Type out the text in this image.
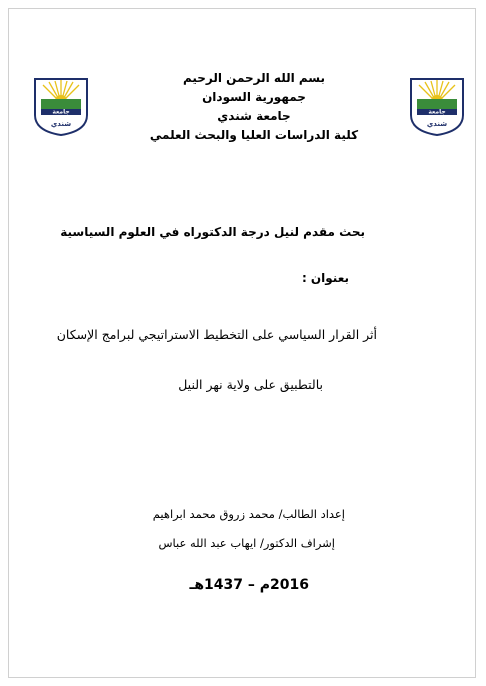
جامعة
شندي
جامعة
شندي
بسم الله الرحمن الرحيم
جمهورية السودان
جامعة شندي
كلية الدراسات العليا والبحث العلمي
بحث مقدم لنيل درجة الدكتوراه في العلوم السياسية
بعنوان :
أثر القرار السياسي على التخطيط الاستراتيجي لبرامج الإسكان
بالتطبيق على ولاية نهر النيل
إعداد الطالب/ محمد زروق محمد ابراهيم
إشراف الدكتور/ ايهاب عبد الله عباس
2016م – 1437هـ
